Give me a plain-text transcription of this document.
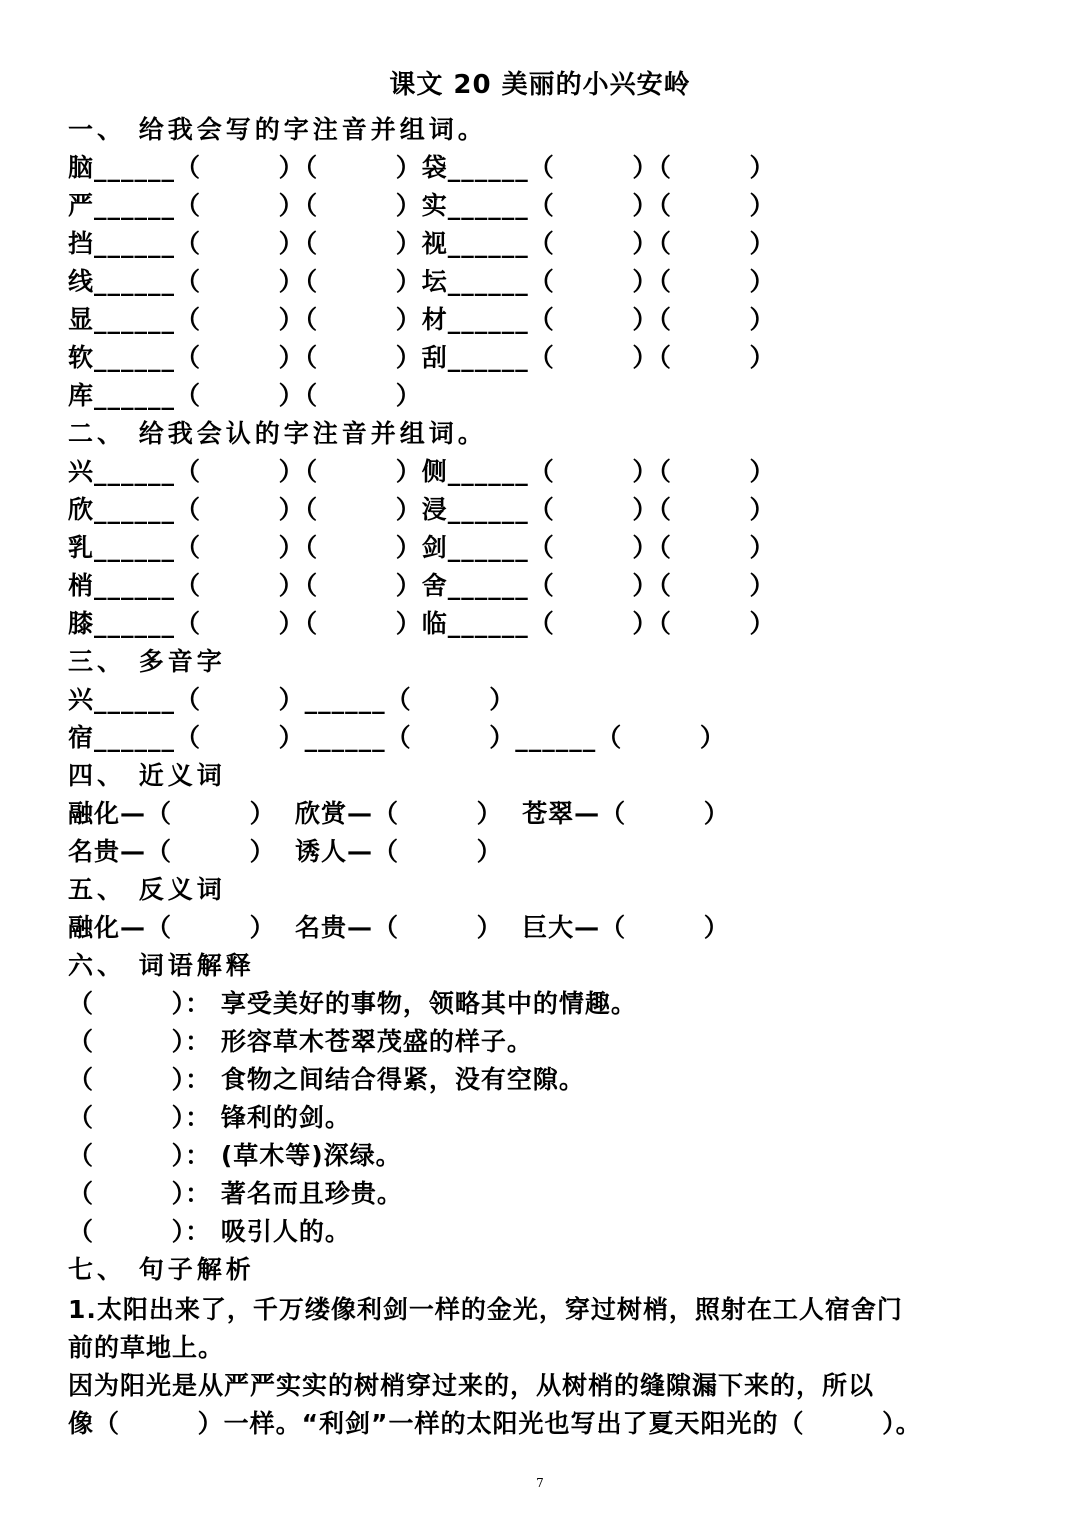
课文 20 美丽的小兴安岭
一、 给我会写的字注音并组词。
脑______（        ）（        ）袋______（        ）（        ）
严______（        ）（        ）实______（        ）（        ）
挡______（        ）（        ）视______（        ）（        ）
线______（        ）（        ）坛______（        ）（        ）
显______（        ）（        ）材______（        ）（        ）
软______（        ）（        ）刮______（        ）（        ）
库______（        ）（        ）
二、 给我会认的字注音并组词。
兴______（        ）（        ）侧______（        ）（        ）
欣______（        ）（        ）浸______（        ）（        ）
乳______（        ）（        ）剑______（        ）（        ）
梢______（        ）（        ）舍______（        ）（        ）
膝______（        ）（        ）临______（        ）（        ）
三、 多音字
兴______（        ）______（        ）
宿______（        ）______（        ）______（        ）
四、 近义词
融化—（        ）  欣赏—（        ）  苍翠—（        ）
名贵—（        ）  诱人—（        ）
五、 反义词
融化—（        ）  名贵—（        ）  巨大—（        ）
六、 词语解释
（        ）： 享受美好的事物，领略其中的情趣。
（        ）： 形容草木苍翠茂盛的样子。
（        ）： 食物之间结合得紧，没有空隙。
（        ）： 锋利的剑。
（        ）： (草木等)深绿。
（        ）： 著名而且珍贵。
（        ）： 吸引人的。
七、 句子解析
1.太阳出来了，千万缕像利剑一样的金光，穿过树梢，照射在工人宿舍门
前的草地上。
因为阳光是从严严实实的树梢穿过来的，从树梢的缝隙漏下来的，所以
像（        ）一样。“利剑”一样的太阳光也写出了夏天阳光的（        ）。
7
